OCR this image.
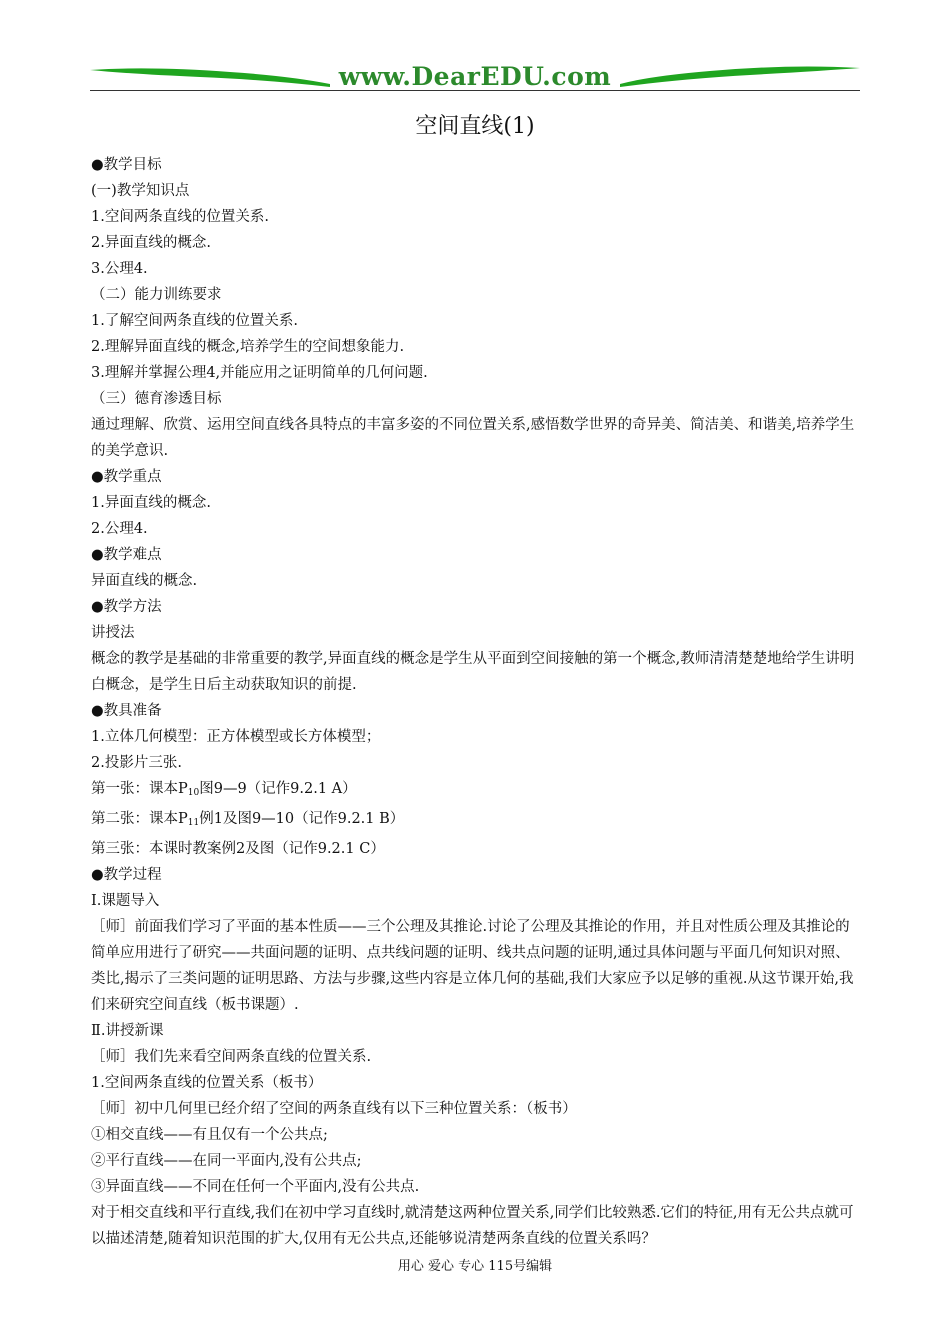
www.DearEDU.com
空间直线(1)
●教学目标
(一)教学知识点
1.空间两条直线的位置关系.
2.异面直线的概念.
3.公理4.
（二）能力训练要求
1.了解空间两条直线的位置关系.
2.理解异面直线的概念,培养学生的空间想象能力.
3.理解并掌握公理4,并能应用之证明简单的几何问题.
（三）德育渗透目标
通过理解、欣赏、运用空间直线各具特点的丰富多姿的不同位置关系,感悟数学世界的奇异美、简洁美、和谐美,培养学生的美学意识.
●教学重点
1.异面直线的概念.
2.公理4.
●教学难点
异面直线的概念.
●教学方法
讲授法
概念的教学是基础的非常重要的教学,异面直线的概念是学生从平面到空间接触的第一个概念,教师清清楚楚地给学生讲明白概念，是学生日后主动获取知识的前提.
●教具准备
1.立体几何模型：正方体模型或长方体模型；
2.投影片三张.
第一张：课本$P_{10}$图9—9（记作9.2.1 A）
第二张：课本$P_{11}$例1及图9—10（记作9.2.1 B）
第三张：本课时教案例2及图（记作9.2.1 C）
●教学过程
Ⅰ.课题导入
［师］前面我们学习了平面的基本性质——三个公理及其推论.讨论了公理及其推论的作用，并且对性质公理及其推论的简单应用进行了研究——共面问题的证明、点共线问题的证明、线共点问题的证明,通过具体问题与平面几何知识对照、类比,揭示了三类问题的证明思路、方法与步骤,这些内容是立体几何的基础,我们大家应予以足够的重视.从这节课开始,我们来研究空间直线（板书课题）.
Ⅱ.讲授新课
［师］我们先来看空间两条直线的位置关系.
1.空间两条直线的位置关系（板书）
［师］初中几何里已经介绍了空间的两条直线有以下三种位置关系：（板书）
①相交直线——有且仅有一个公共点;
②平行直线——在同一平面内,没有公共点;
③异面直线——不同在任何一个平面内,没有公共点.
对于相交直线和平行直线,我们在初中学习直线时,就清楚这两种位置关系,同学们比较熟悉.它们的特征,用有无公共点就可以描述清楚,随着知识范围的扩大,仅用有无公共点,还能够说清楚两条直线的位置关系吗？
用心 爱心 专心 115号编辑
